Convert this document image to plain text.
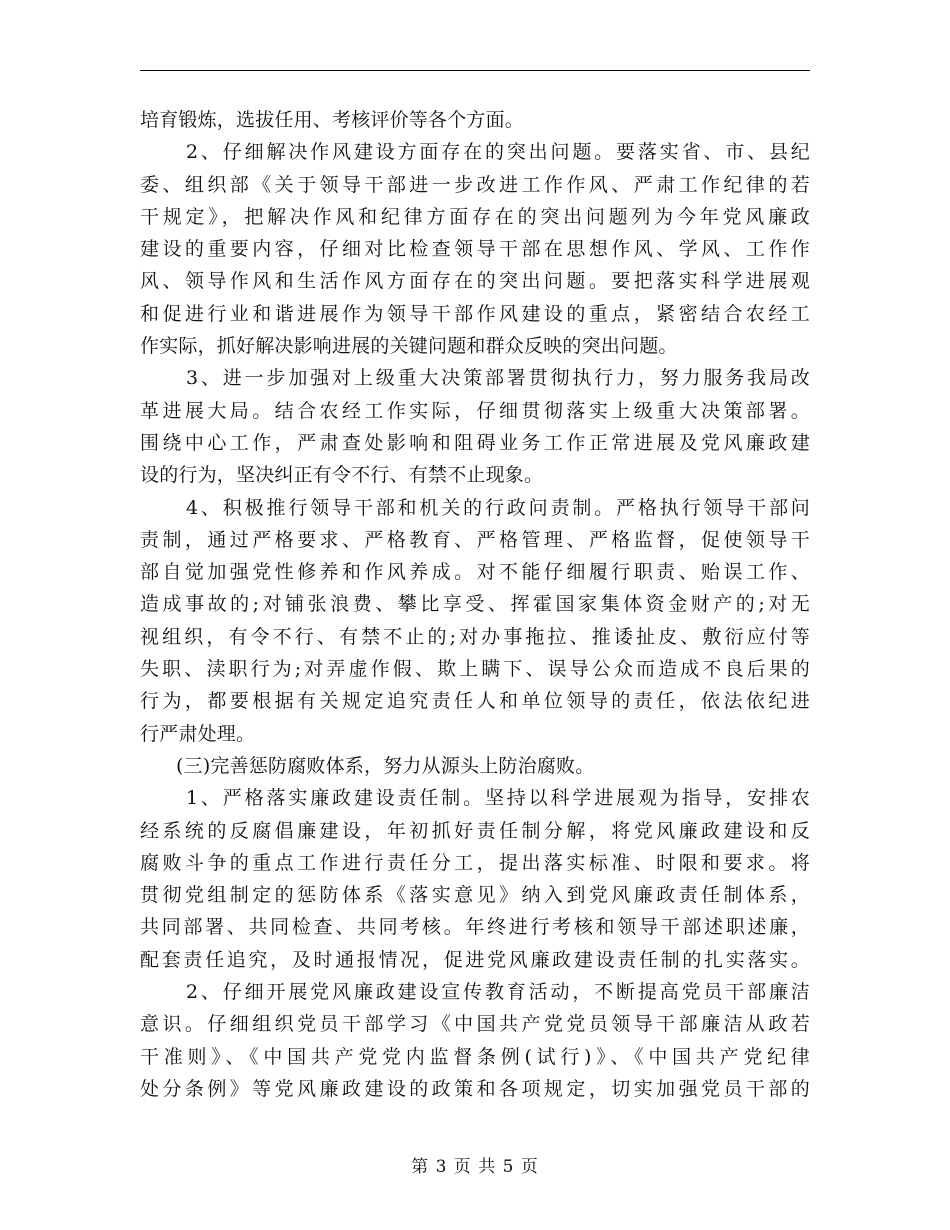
培育锻炼，选拔任用、考核评价等各个方面。
2、仔细解决作风建设方面存在的突出问题。要落实省、市、县纪
委、组织部《关于领导干部进一步改进工作作风、严肃工作纪律的若
干规定》，把解决作风和纪律方面存在的突出问题列为今年党风廉政
建设的重要内容，仔细对比检查领导干部在思想作风、学风、工作作
风、领导作风和生活作风方面存在的突出问题。要把落实科学进展观
和促进行业和谐进展作为领导干部作风建设的重点，紧密结合农经工
作实际，抓好解决影响进展的关键问题和群众反映的突出问题。
3、进一步加强对上级重大决策部署贯彻执行力，努力服务我局改
革进展大局。结合农经工作实际，仔细贯彻落实上级重大决策部署。
围绕中心工作，严肃查处影响和阻碍业务工作正常进展及党风廉政建
设的行为，坚决纠正有令不行、有禁不止现象。
4、积极推行领导干部和机关的行政问责制。严格执行领导干部问
责制，通过严格要求、严格教育、严格管理、严格监督，促使领导干
部自觉加强党性修养和作风养成。对不能仔细履行职责、贻误工作、
造成事故的;对铺张浪费、攀比享受、挥霍国家集体资金财产的;对无
视组织，有令不行、有禁不止的;对办事拖拉、推诿扯皮、敷衍应付等
失职、渎职行为;对弄虚作假、欺上瞒下、误导公众而造成不良后果的
行为，都要根据有关规定追究责任人和单位领导的责任，依法依纪进
行严肃处理。
(三)完善惩防腐败体系，努力从源头上防治腐败。
1、严格落实廉政建设责任制。坚持以科学进展观为指导，安排农
经系统的反腐倡廉建设，年初抓好责任制分解，将党风廉政建设和反
腐败斗争的重点工作进行责任分工，提出落实标准、时限和要求。将
贯彻党组制定的惩防体系《落实意见》纳入到党风廉政责任制体系，
共同部署、共同检查、共同考核。年终进行考核和领导干部述职述廉，
配套责任追究，及时通报情况，促进党风廉政建设责任制的扎实落实。
2、仔细开展党风廉政建设宣传教育活动，不断提高党员干部廉洁
意识。仔细组织党员干部学习《中国共产党党员领导干部廉洁从政若
干准则》、《中国共产党党内监督条例(试行)》、《中国共产党纪律
处分条例》等党风廉政建设的政策和各项规定，切实加强党员干部的
第 3 页 共 5 页
